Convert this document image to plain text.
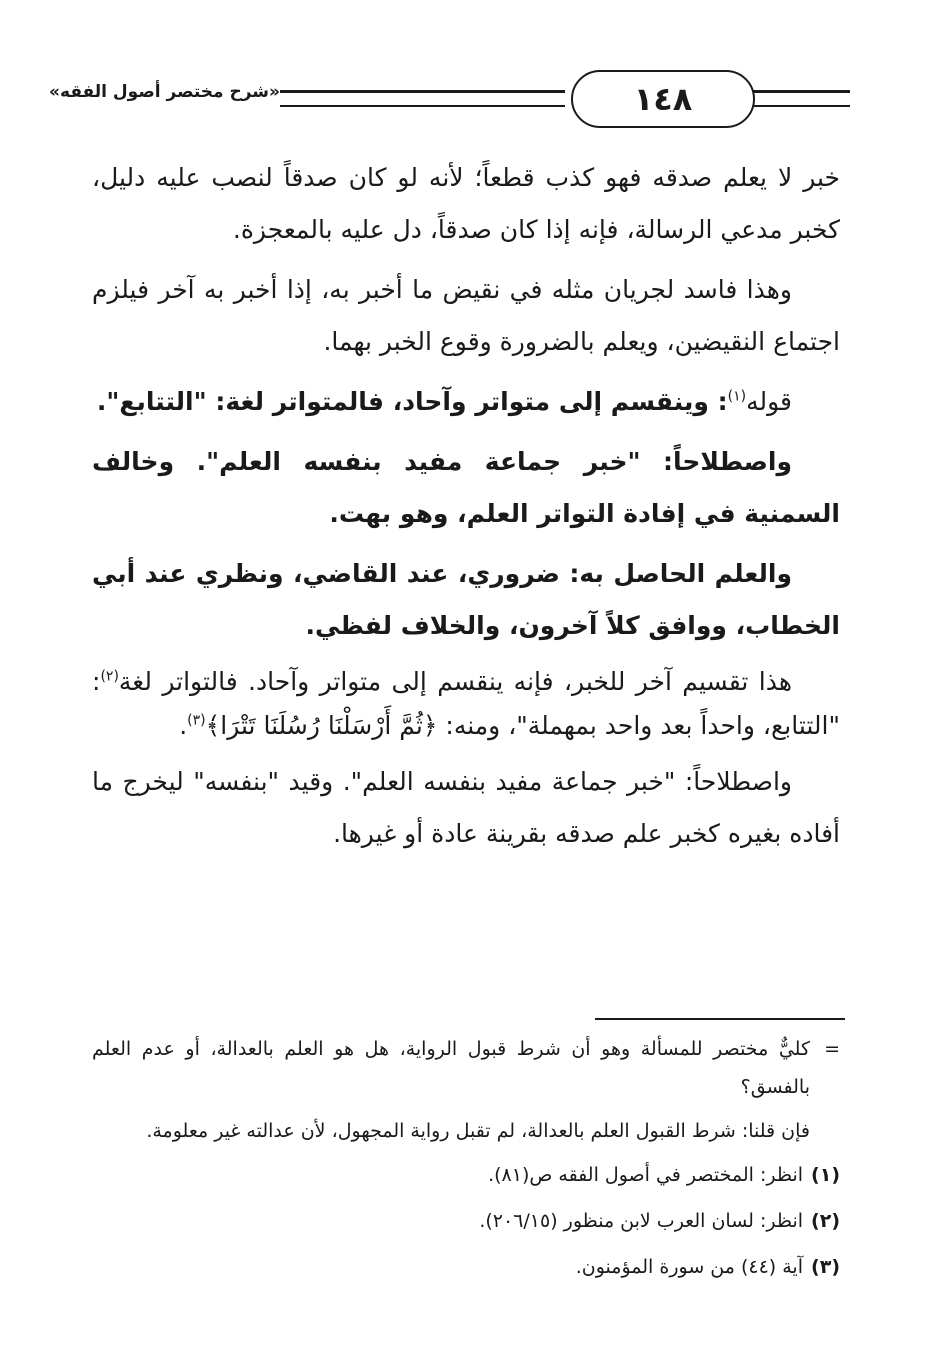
١٤٨
«شرح مختصر أصول الفقه»

خبر لا يعلم صدقه فهو كذب قطعاً؛ لأنه لو كان صدقاً لنصب عليه دليل، كخبر مدعي الرسالة، فإنه إذا كان صدقاً، دل عليه بالمعجزة.

وهذا فاسد لجريان مثله في نقيض ما أخبر به، إذا أخبر به آخر فيلزم اجتماع النقيضين، ويعلم بالضرورة وقوع الخبر بهما.

قوله$^{(١)}$: وينقسم إلى متواتر وآحاد، فالمتواتر لغة: "التتابع".

واصطلاحاً: "خبر جماعة مفيد بنفسه العلم". وخالف السمنية في إفادة التواتر العلم، وهو بهت.

والعلم الحاصل به: ضروري، عند القاضي، ونظري عند أبي الخطاب، ووافق كلاً آخرون، والخلاف لفظي.

هذا تقسيم آخر للخبر، فإنه ينقسم إلى متواتر وآحاد. فالتواتر لغة$^{(٢)}$: "التتابع، واحداً بعد واحد بمهملة"، ومنه: ﴿ثُمَّ أَرْسَلْنَا رُسُلَنَا تَتْرَا﴾$^{(٣)}$.

واصطلاحاً: "خبر جماعة مفيد بنفسه العلم". وقيد "بنفسه" ليخرج ما أفاده بغيره كخبر علم صدقه بقرينة عادة أو غيرها.

=
كليٌّ مختصر للمسألة وهو أن شرط قبول الرواية، هل هو العلم بالعدالة، أو عدم العلم بالفسق؟

فإن قلنا: شرط القبول العلم بالعدالة، لم تقبل رواية المجهول، لأن عدالته غير معلومة.

(١)انظر: المختصر في أصول الفقه ص(٨١).

(٢)انظر: لسان العرب لابن منظور (٢٠٦/١٥).

(٣)آية (٤٤) من سورة المؤمنون.
